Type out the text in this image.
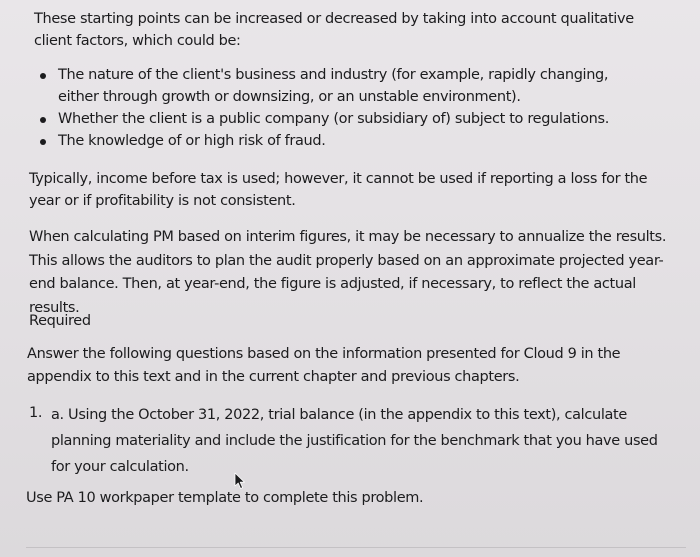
These starting points can be increased or decreased by taking into account qualitative client factors, which could be:

The nature of the client's business and industry (for example, rapidly changing, either through growth or downsizing, or an unstable environment).
Whether the client is a public company (or subsidiary of) subject to regulations.
The knowledge of or high risk of fraud.

Typically, income before tax is used; however, it cannot be used if reporting a loss for the year or if profitability is not consistent.

When calculating PM based on interim figures, it may be necessary to annualize the results. This allows the auditors to plan the audit properly based on an approximate projected year-end balance. Then, at year-end, the figure is adjusted, if necessary, to reflect the actual results.

Required

Answer the following questions based on the information presented for Cloud 9 in the appendix to this text and in the current chapter and previous chapters.

1. a. Using the October 31, 2022, trial balance (in the appendix to this text), calculate planning materiality and include the justification for the benchmark that you have used for your calculation.

Use PA 10 workpaper template to complete this problem.
